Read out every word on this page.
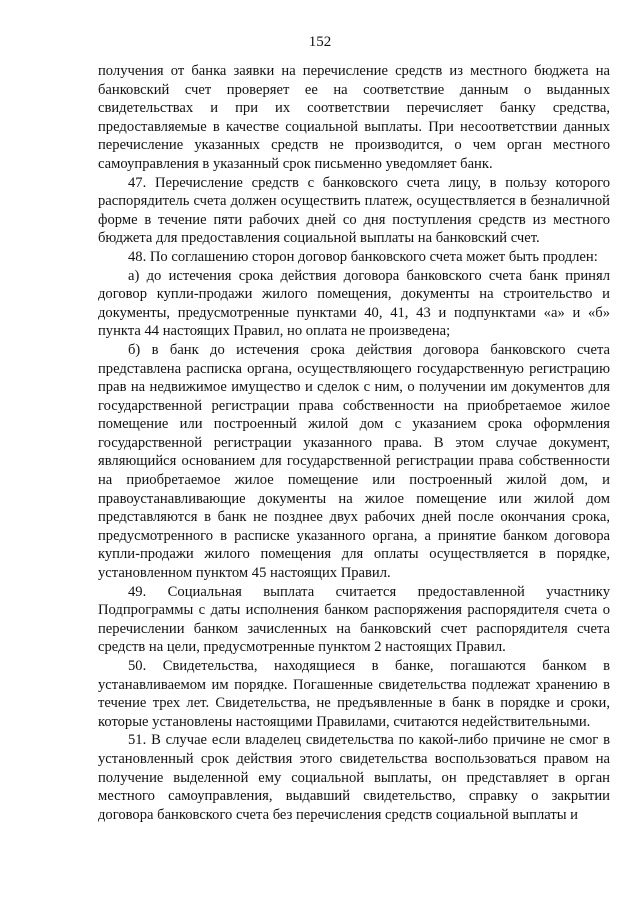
152

получения от банка заявки на перечисление средств из местного бюджета на банковский счет проверяет ее на соответствие данным о выданных свидетельствах и при их соответствии перечисляет банку средства, предоставляемые в качестве социальной выплаты. При несоответствии данных перечисление указанных средств не производится, о чем орган местного самоуправления в указанный срок письменно уведомляет банк.

47. Перечисление средств с банковского счета лицу, в пользу которого распорядитель счета должен осуществить платеж, осуществляется в безналичной форме в течение пяти рабочих дней со дня поступления средств из местного бюджета для предоставления социальной выплаты на банковский счет.

48. По соглашению сторон договор банковского счета может быть продлен:

а) до истечения срока действия договора банковского счета банк принял договор купли-продажи жилого помещения, документы на строительство и документы, предусмотренные пунктами 40, 41, 43 и подпунктами «а» и «б» пункта 44 настоящих Правил, но оплата не произведена;

б) в банк до истечения срока действия договора банковского счета представлена расписка органа, осуществляющего государственную регистрацию прав на недвижимое имущество и сделок с ним, о получении им документов для государственной регистрации права собственности на приобретаемое жилое помещение или построенный жилой дом с указанием срока оформления государственной регистрации указанного права. В этом случае документ, являющийся основанием для государственной регистрации права собственности на приобретаемое жилое помещение или построенный жилой дом, и правоустанавливающие документы на жилое помещение или жилой дом представляются в банк не позднее двух рабочих дней после окончания срока, предусмотренного в расписке указанного органа, а принятие банком договора купли-продажи жилого помещения для оплаты осуществляется в порядке, установленном пунктом 45 настоящих Правил.

49. Социальная выплата считается предоставленной участнику Подпрограммы с даты исполнения банком распоряжения распорядителя счета о перечислении банком зачисленных на банковский счет распорядителя счета средств на цели, предусмотренные пунктом 2 настоящих Правил.

50. Свидетельства, находящиеся в банке, погашаются банком в устанавливаемом им порядке. Погашенные свидетельства подлежат хранению в течение трех лет. Свидетельства, не предъявленные в банк в порядке и сроки, которые установлены настоящими Правилами, считаются недействительными.

51. В случае если владелец свидетельства по какой-либо причине не смог в установленный срок действия этого свидетельства воспользоваться правом на получение выделенной ему социальной выплаты, он представляет в орган местного самоуправления, выдавший свидетельство, справку о закрытии договора банковского счета без перечисления средств социальной выплаты и
